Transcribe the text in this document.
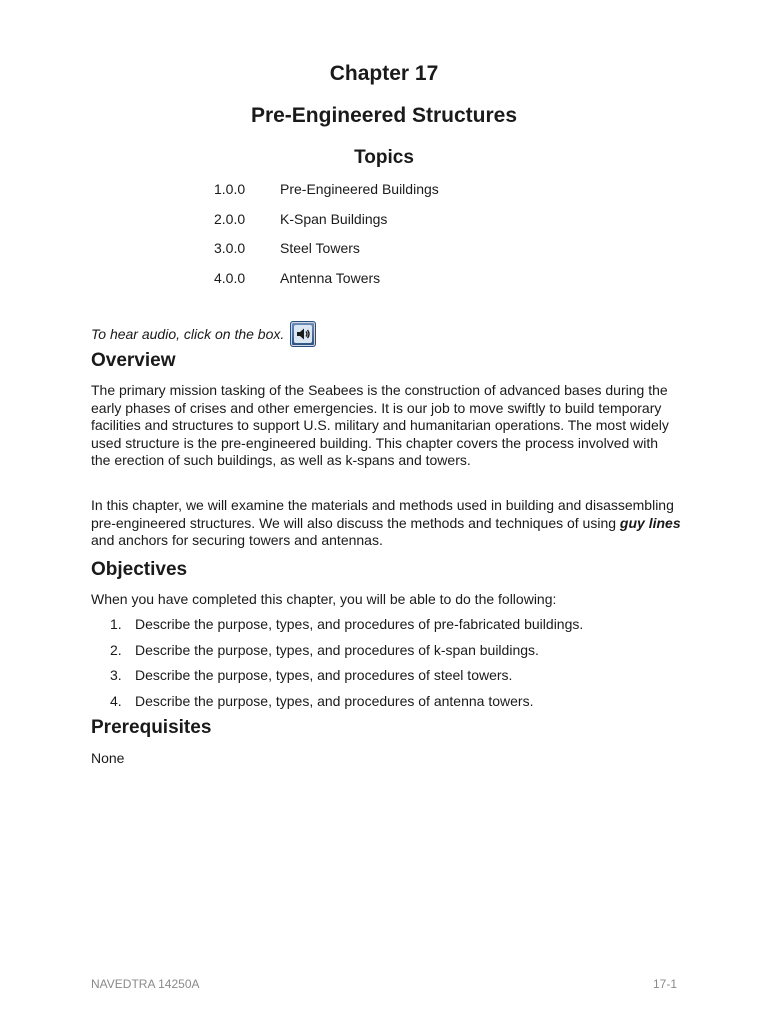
Chapter 17
Pre-Engineered Structures
Topics
1.0.0	Pre-Engineered Buildings
2.0.0	K-Span Buildings
3.0.0	Steel Towers
4.0.0	Antenna Towers
To hear audio, click on the box.
Overview

The primary mission tasking of the Seabees is the construction of advanced bases during the early phases of crises and other emergencies. It is our job to move swiftly to build temporary facilities and structures to support U.S. military and humanitarian operations. The most widely used structure is the pre-engineered building. This chapter covers the process involved with the erection of such buildings, as well as k-spans and towers.

In this chapter, we will examine the materials and methods used in building and disassembling pre-engineered structures. We will also discuss the methods and techniques of using guy lines and anchors for securing towers and antennas.

Objectives

When you have completed this chapter, you will be able to do the following:

1. Describe the purpose, types, and procedures of pre-fabricated buildings.
2. Describe the purpose, types, and procedures of k-span buildings.
3. Describe the purpose, types, and procedures of steel towers.
4. Describe the purpose, types, and procedures of antenna towers.
Prerequisites

None

NAVEDTRA 14250A	17-1
